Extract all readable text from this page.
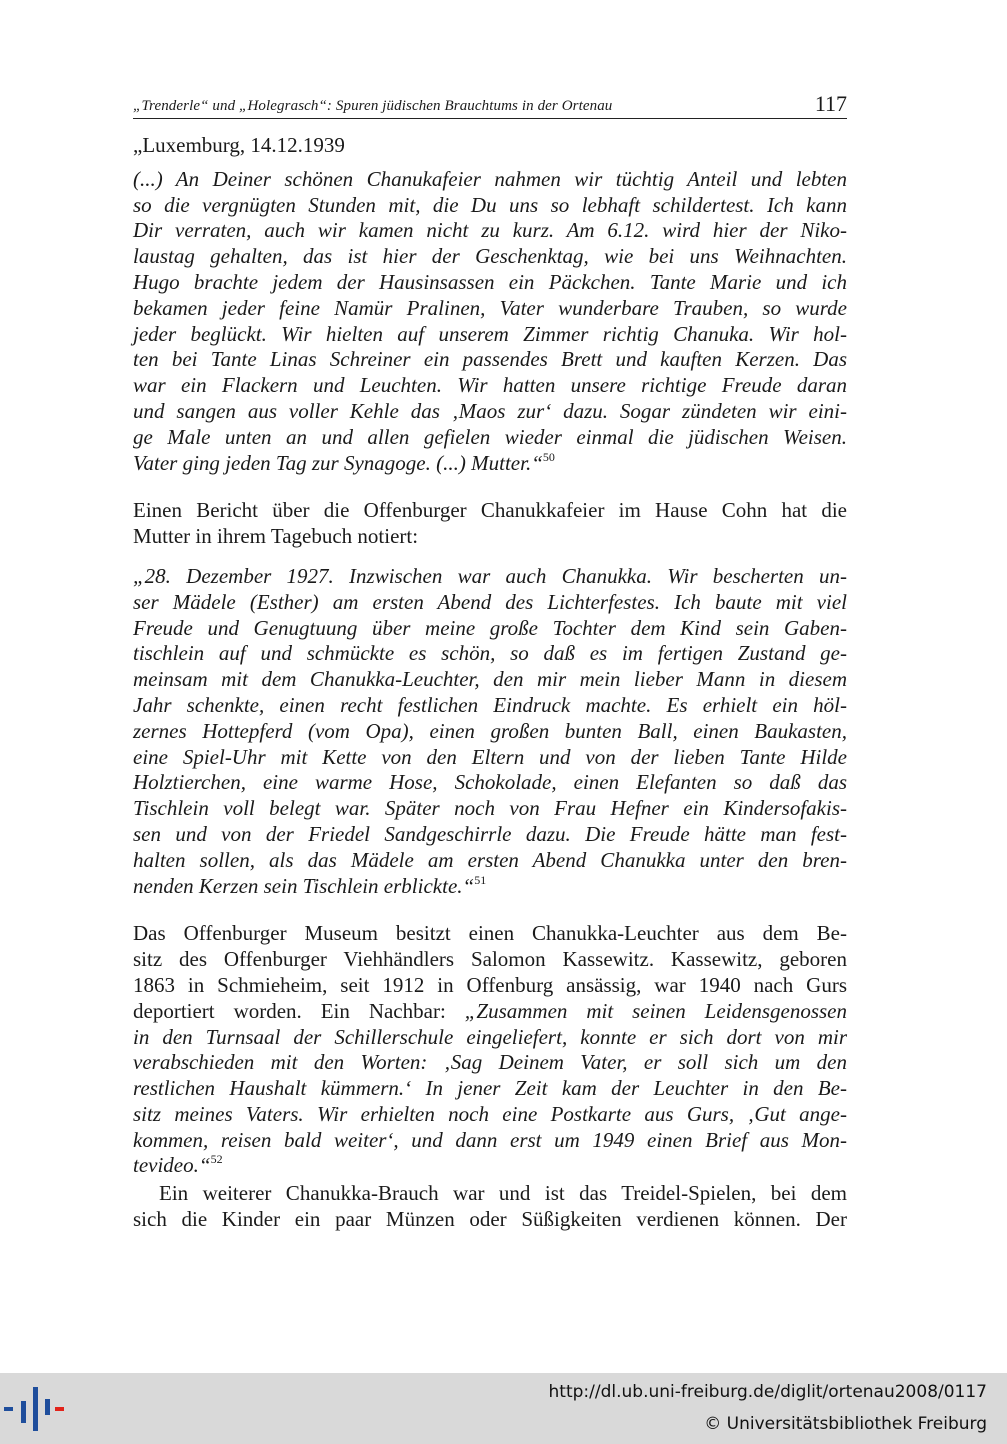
„Trenderle“ und „Holegrasch“: Spuren jüdischen Brauchtums in der Ortenau	117

„Luxemburg, 14.12.1939

(...) An Deiner schönen Chanukafeier nahmen wir tüchtig Anteil und lebten
so die vergnügten Stunden mit, die Du uns so lebhaft schildertest. Ich kann
Dir verraten, auch wir kamen nicht zu kurz. Am 6.12. wird hier der Niko-
laustag gehalten, das ist hier der Geschenktag, wie bei uns Weihnachten.
Hugo brachte jedem der Hausinsassen ein Päckchen. Tante Marie und ich
bekamen jeder feine Namür Pralinen, Vater wunderbare Trauben, so wurde
jeder beglückt. Wir hielten auf unserem Zimmer richtig Chanuka. Wir hol-
ten bei Tante Linas Schreiner ein passendes Brett und kauften Kerzen. Das
war ein Flackern und Leuchten. Wir hatten unsere richtige Freude daran
und sangen aus voller Kehle das ‚Maos zur‘ dazu. Sogar zündeten wir eini-
ge Male unten an und allen gefielen wieder einmal die jüdischen Weisen.
Vater ging jeden Tag zur Synagoge. (...) Mutter.“$^{50}$
Einen Bericht über die Offenburger Chanukkafeier im Hause Cohn hat die
Mutter in ihrem Tagebuch notiert:
„28. Dezember 1927. Inzwischen war auch Chanukka. Wir bescherten un-
ser Mädele (Esther) am ersten Abend des Lichterfestes. Ich baute mit viel
Freude und Genugtuung über meine große Tochter dem Kind sein Gaben-
tischlein auf und schmückte es schön, so daß es im fertigen Zustand ge-
meinsam mit dem Chanukka-Leuchter, den mir mein lieber Mann in diesem
Jahr schenkte, einen recht festlichen Eindruck machte. Es erhielt ein höl-
zernes Hottepferd (vom Opa), einen großen bunten Ball, einen Baukasten,
eine Spiel-Uhr mit Kette von den Eltern und von der lieben Tante Hilde
Holztierchen, eine warme Hose, Schokolade, einen Elefanten so daß das
Tischlein voll belegt war. Später noch von Frau Hefner ein Kindersofakis-
sen und von der Friedel Sandgeschirrle dazu. Die Freude hätte man fest-
halten sollen, als das Mädele am ersten Abend Chanukka unter den bren-
nenden Kerzen sein Tischlein erblickte.“$^{51}$
Das Offenburger Museum besitzt einen Chanukka-Leuchter aus dem Be-
sitz des Offenburger Viehhändlers Salomon Kassewitz. Kassewitz, geboren
1863 in Schmieheim, seit 1912 in Offenburg ansässig, war 1940 nach Gurs
deportiert worden. Ein Nachbar: „Zusammen mit seinen Leidensgenossen
in den Turnsaal der Schillerschule eingeliefert, konnte er sich dort von mir
verabschieden mit den Worten: ‚Sag Deinem Vater, er soll sich um den
restlichen Haushalt kümmern.‘ In jener Zeit kam der Leuchter in den Be-
sitz meines Vaters. Wir erhielten noch eine Postkarte aus Gurs, ‚Gut ange-
kommen, reisen bald weiter‘, und dann erst um 1949 einen Brief aus Mon-
tevideo.“$^{52}$
Ein weiterer Chanukka-Brauch war und ist das Treidel-Spielen, bei dem
sich die Kinder ein paar Münzen oder Süßigkeiten verdienen können. Der
http://dl.ub.uni-freiburg.de/diglit/ortenau2008/0117
© Universitätsbibliothek Freiburg
